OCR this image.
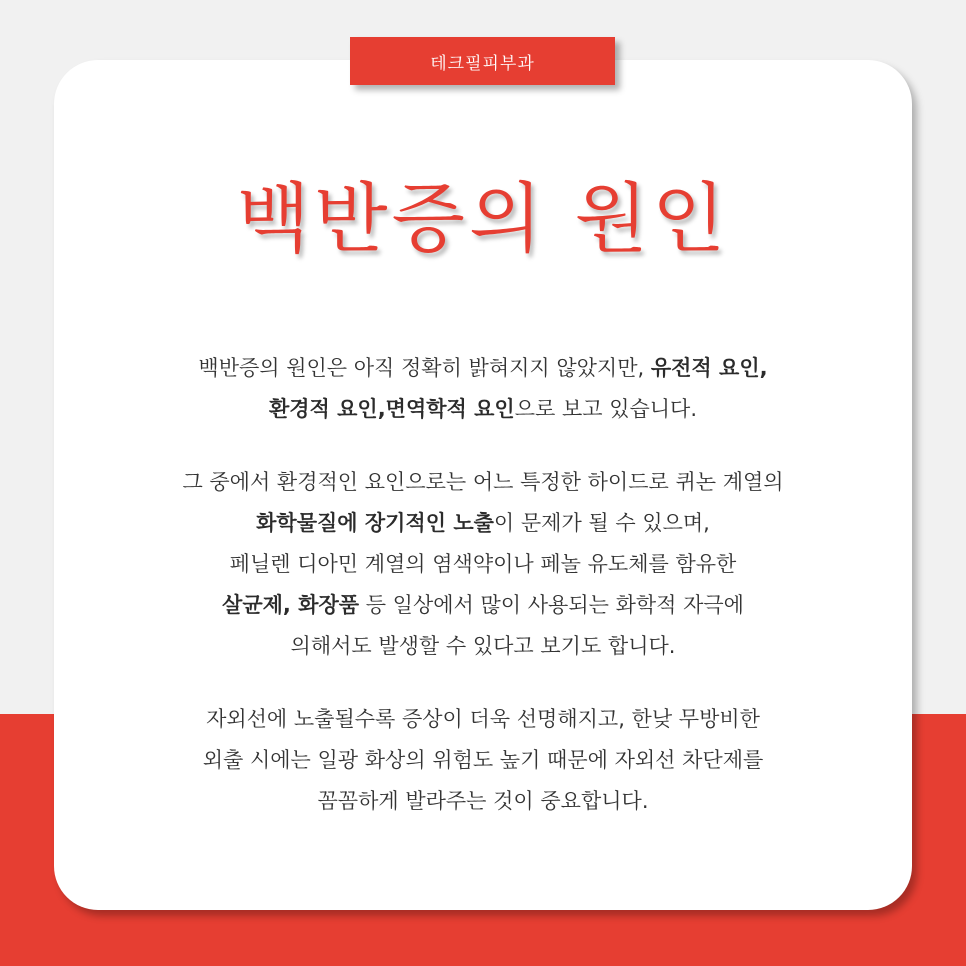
테크필피부과
백반증의 원인

백반증의 원인은 아직 정확히 밝혀지지 않았지만, 유전적 요인,
환경적 요인,면역학적 요인으로 보고 있습니다.

그 중에서 환경적인 요인으로는 어느 특정한 하이드로 퀴논 계열의
화학물질에 장기적인 노출이 문제가 될 수 있으며,
페닐렌 디아민 계열의 염색약이나 페놀 유도체를 함유한
살균제, 화장품 등 일상에서 많이 사용되는 화학적 자극에
의해서도 발생할 수 있다고 보기도 합니다.

자외선에 노출될수록 증상이 더욱 선명해지고, 한낮 무방비한
외출 시에는 일광 화상의 위험도 높기 때문에 자외선 차단제를
꼼꼼하게 발라주는 것이 중요합니다.
